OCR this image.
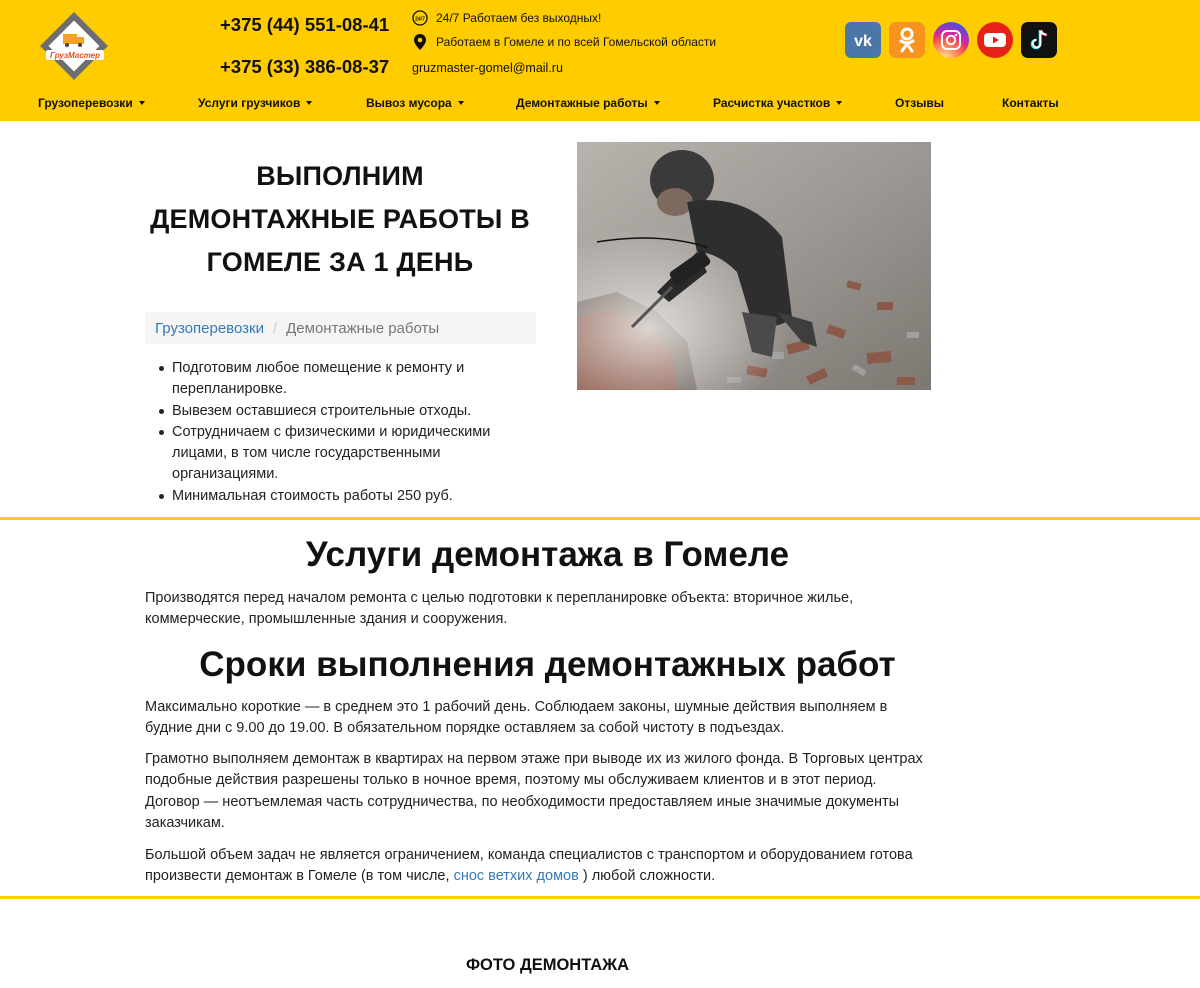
ГрузМастер
+375 (44) 551-08-41
+375 (33) 386-08-37
24/7 24/7 Работаем без выходных!
Работаем в Гомеле и по всей Гомельской области
gruzmaster-gomel@mail.ru
vk
Грузоперевозки	Услуги грузчиков	Вывоз мусора	Демонтажные работы	Расчистка участков	Отзывы	Контакты
ВЫПОЛНИМ
ДЕМОНТАЖНЫЕ РАБОТЫ В
ГОМЕЛЕ ЗА 1 ДЕНЬ
Грузоперевозки / Демонтажные работы
Подготовим любое помещение к ремонту и перепланировке.
Вывезем оставшиеся строительные отходы.
Сотрудничаем с физическими и юридическими лицами, в том числе государственными организациями.
Минимальная стоимость работы 250 руб.
Услуги демонтажа в Гомеле

Производятся перед началом ремонта с целью подготовки к перепланировке объекта: вторичное жилье, коммерческие, промышленные здания и сооружения.

Сроки выполнения демонтажных работ

Максимально короткие — в среднем это 1 рабочий день. Соблюдаем законы, шумные действия выполняем в будние дни с 9.00 до 19.00. В обязательном порядке оставляем за собой чистоту в подъездах.

Грамотно выполняем демонтаж в квартирах на первом этаже при выводе их из жилого фонда. В Торговых центрах подобные действия разрешены только в ночное время, поэтому мы обслуживаем клиентов и в этот период. Договор — неотъемлемая часть сотрудничества, по необходимости предоставляем иные значимые документы заказчикам.

Большой объем задач не является ограничением, команда специалистов с транспортом и оборудованием готова произвести демонтаж в Гомеле (в том числе, снос ветхих домов ) любой сложности.

ФОТО ДЕМОНТАЖА
